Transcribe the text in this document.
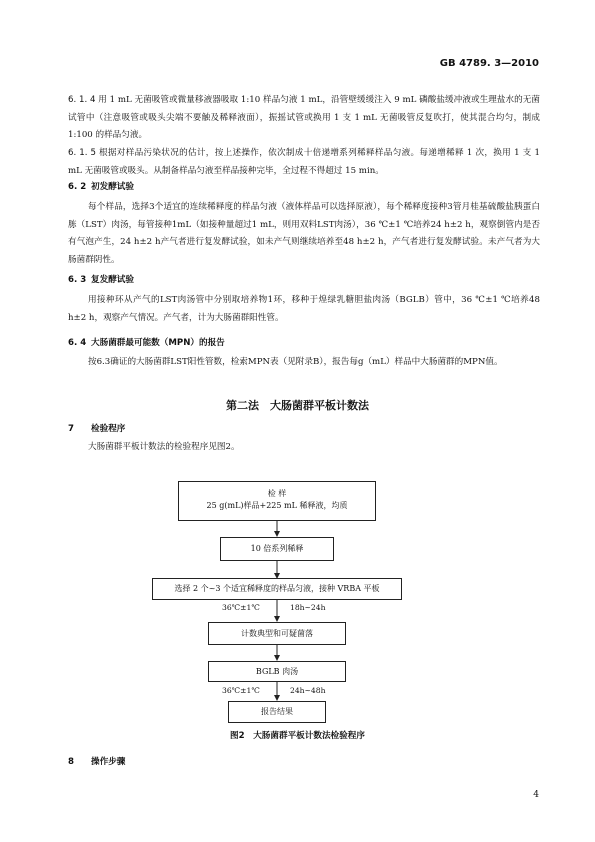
GB 4789. 3—2010
6. 1. 4 用 1 mL 无菌吸管或微量移液器吸取 1:10 样品匀液 1 mL，沿管壁缓缓注入 9 mL 磷酸盐缓冲液或生理盐水的无菌试管中（注意吸管或吸头尖端不要触及稀释液面），振摇试管或换用 1 支 1 mL 无菌吸管反复吹打，使其混合均匀，制成 1:100 的样品匀液。
6. 1. 5 根据对样品污染状况的估计，按上述操作，依次制成十倍递增系列稀释样品匀液。每递增稀释 1 次，换用 1 支 1 mL 无菌吸管或吸头。从制备样品匀液至样品接种完毕，全过程不得超过 15 min。
6. 2 初发酵试验
每个样品，选择3个适宜的连续稀释度的样品匀液（液体样品可以选择原液），每个稀释度接种3管月桂基硫酸盐胰蛋白胨（LST）肉汤，每管接种1mL（如接种量超过1 mL，则用双料LST肉汤），36 ℃±1 ℃培养24 h±2 h，观察倒管内是否有气泡产生，24 h±2 h产气者进行复发酵试验，如未产气则继续培养至48 h±2 h，产气者进行复发酵试验。未产气者为大肠菌群阴性。
6. 3 复发酵试验
用接种环从产气的LST肉汤管中分别取培养物1环，移种于煌绿乳糖胆盐肉汤（BGLB）管中，36 ℃±1 ℃培养48 h±2 h，观察产气情况。产气者，计为大肠菌群阳性管。
6. 4 大肠菌群最可能数（MPN）的报告
按6.3确证的大肠菌群LST阳性管数，检索MPN表（见附录B），报告每g（mL）样品中大肠菌群的MPN值。
第二法　大肠菌群平板计数法
7 检验程序
大肠菌群平板计数法的检验程序见图2。
检 样
25 g(mL)样品+225 mL 稀释液，均质
10 倍系列稀释
选择 2 个~3 个适宜稀释度的样品匀液，接种 VRBA 平板
36℃±1℃	18h~24h
计数典型和可疑菌落
BGLB 肉汤
36℃±1℃	24h~48h
报告结果
图2　大肠菌群平板计数法检验程序
8 操作步骤
4
